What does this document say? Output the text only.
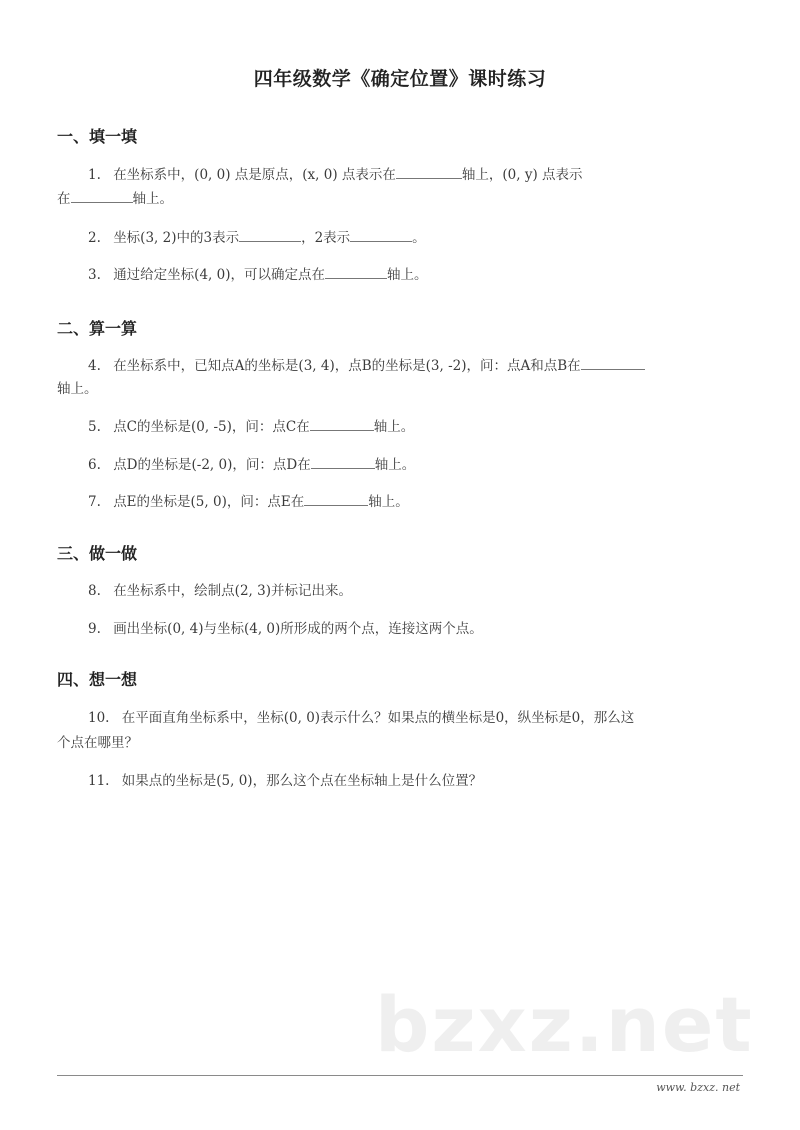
bzxz.net
四年级数学《确定位置》课时练习
一、填一填
1. 在坐标系中，(0, 0) 点是原点，(x, 0) 点表示在	轴上，(0, y) 点表示
在	轴上。
2. 坐标(3, 2)中的3表示	，2表示	。
3. 通过给定坐标(4, 0)，可以确定点在	轴上。
二、算一算
4. 在坐标系中，已知点A的坐标是(3, 4)，点B的坐标是(3, -2)，问：点A和点B在
轴上。
5. 点C的坐标是(0, -5)，问：点C在	轴上。
6. 点D的坐标是(-2, 0)，问：点D在	轴上。
7. 点E的坐标是(5, 0)，问：点E在	轴上。
三、做一做
8. 在坐标系中，绘制点(2, 3)并标记出来。
9. 画出坐标(0, 4)与坐标(4, 0)所形成的两个点，连接这两个点。
四、想一想
10. 在平面直角坐标系中，坐标(0, 0)表示什么？如果点的横坐标是0，纵坐标是0，那么这
个点在哪里？
11. 如果点的坐标是(5, 0)，那么这个点在坐标轴上是什么位置？
www. bzxz. net
